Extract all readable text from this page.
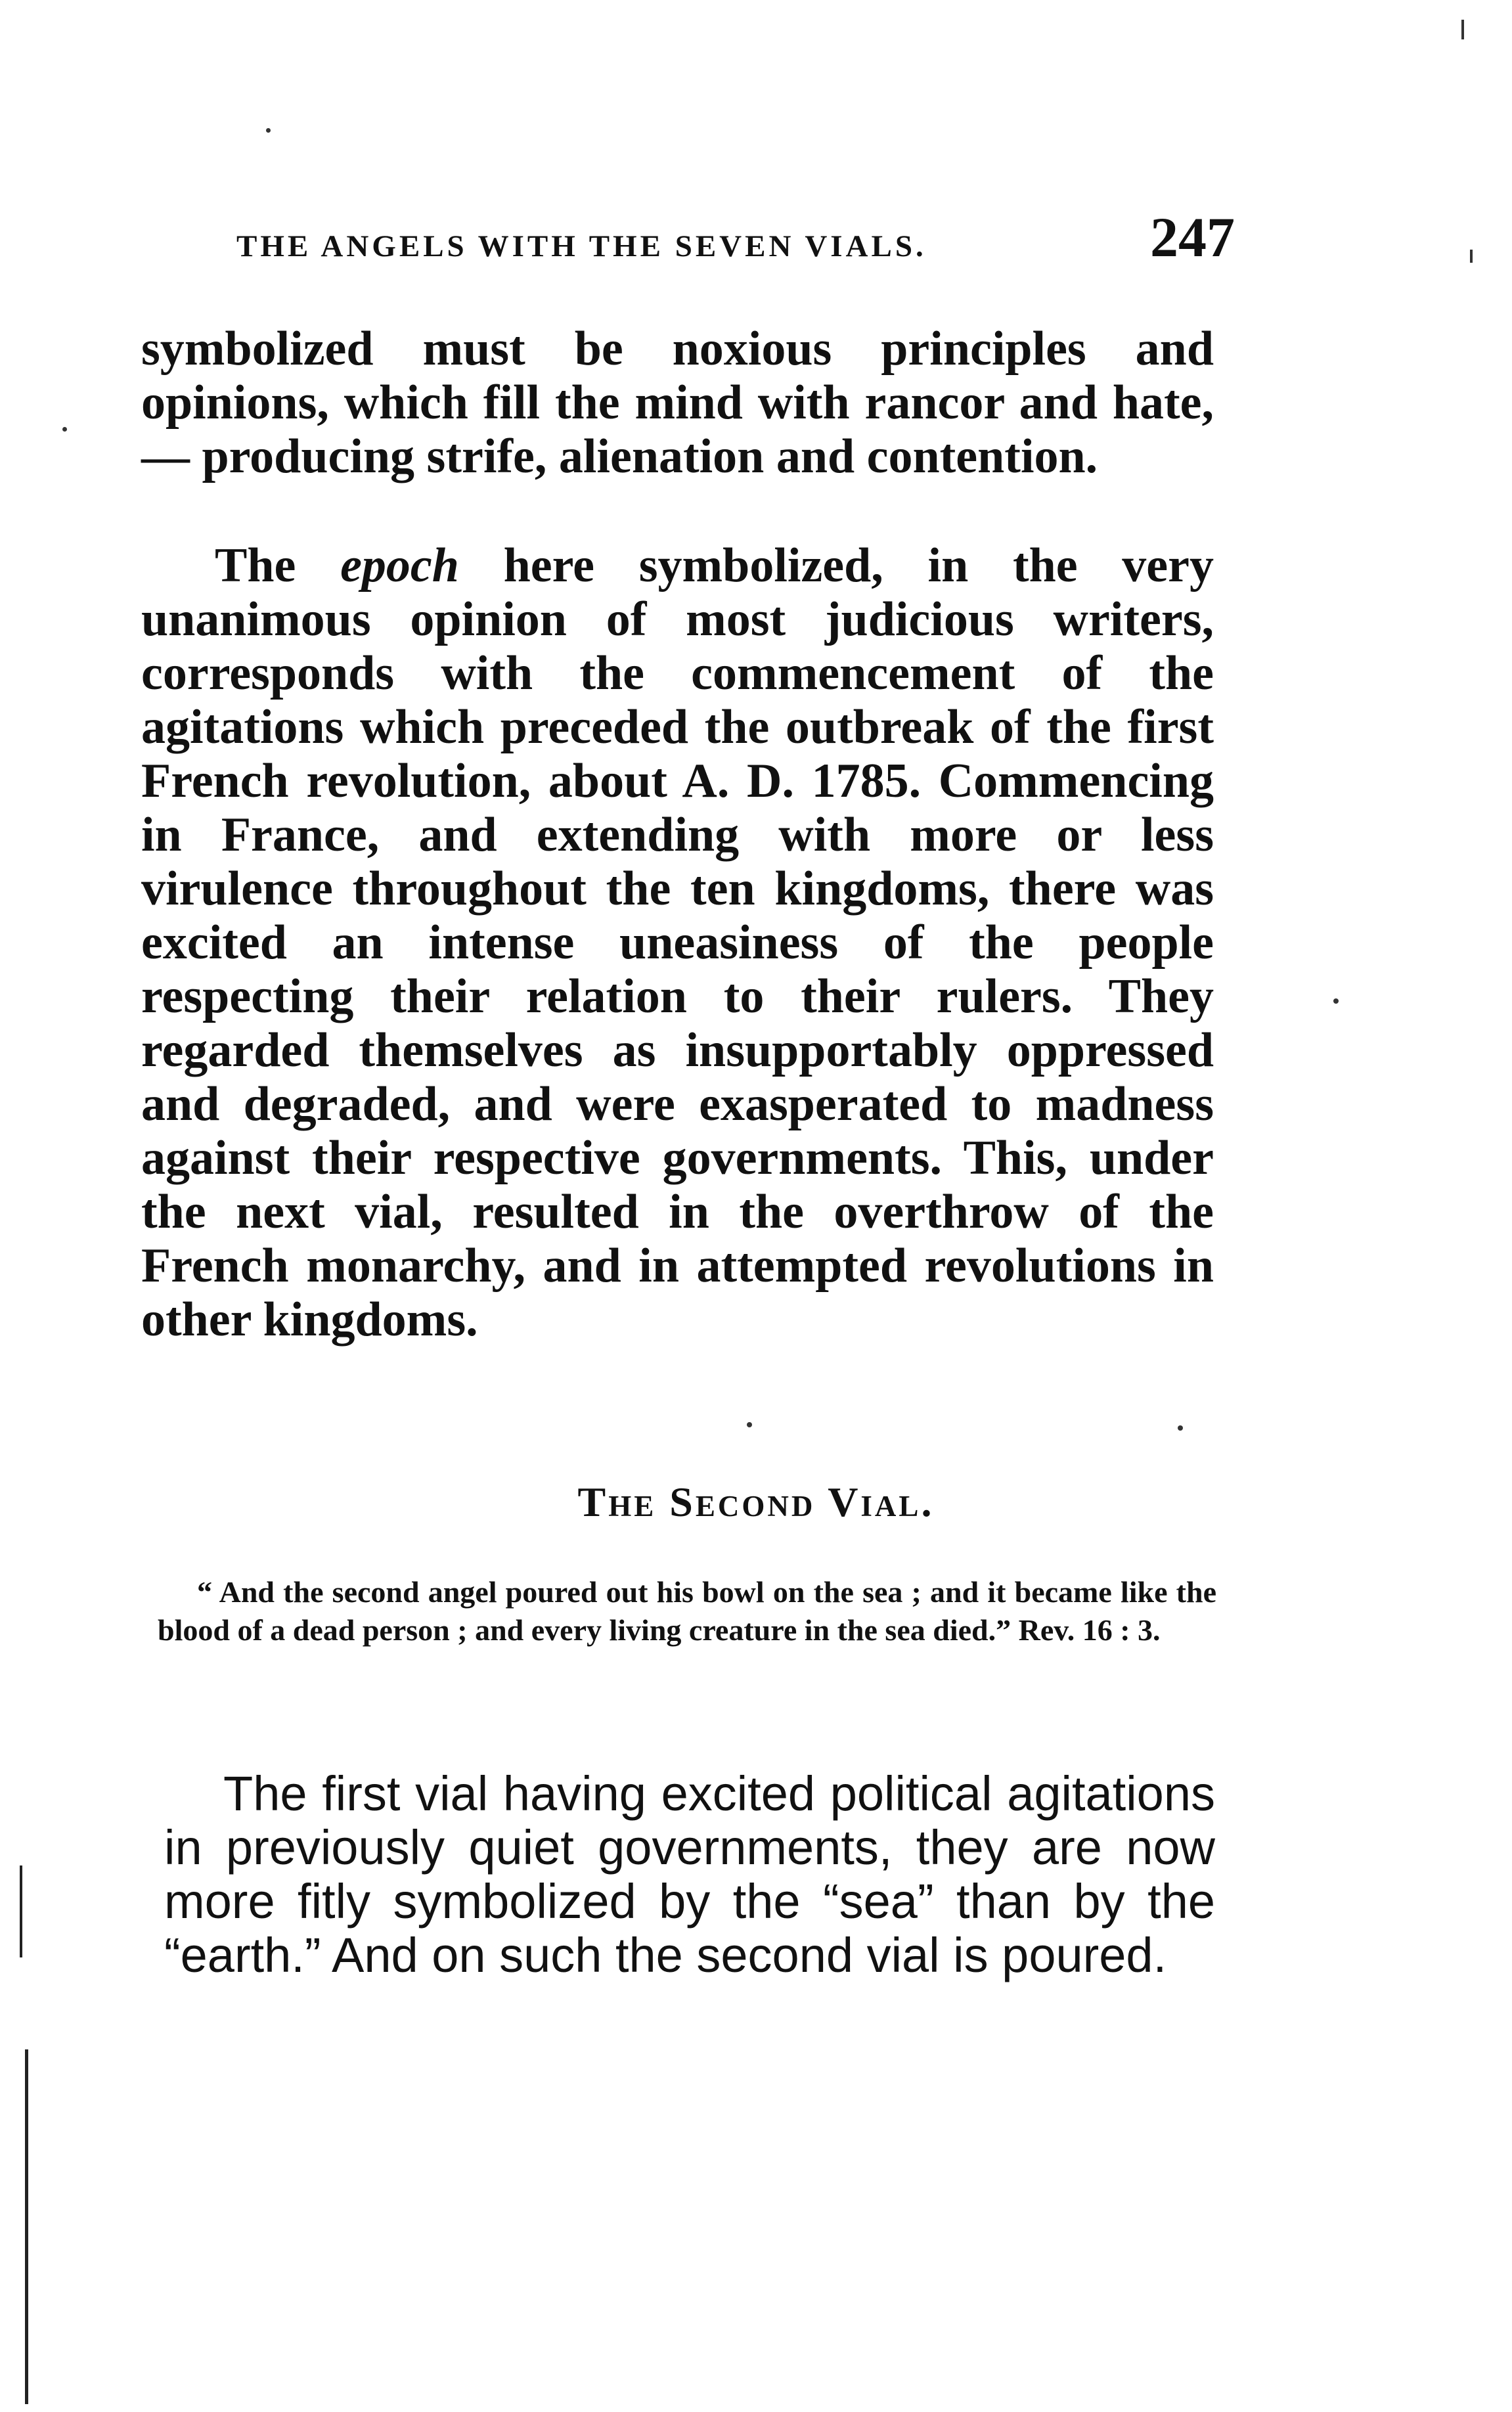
THE ANGELS WITH THE SEVEN VIALS.	247

symbolized must be noxious principles and opinions, which fill the mind with rancor and hate, — producing strife, alienation and contention.

The epoch here symbolized, in the very unanimous opinion of most judicious writers, corresponds with the commencement of the agitations which preceded the outbreak of the first French revolution, about A. D. 1785. Commencing in France, and extending with more or less virulence throughout the ten kingdoms, there was excited an intense uneasiness of the people respecting their relation to their rulers. They regarded themselves as insupportably oppressed and degraded, and were exasperated to madness against their respective governments. This, under the next vial, resulted in the overthrow of the French monarchy, and in attempted revolutions in other kingdoms.

The Second Vial.

“ And the second angel poured out his bowl on the sea ; and it became like the blood of a dead person ; and every living creature in the sea died.” Rev. 16 : 3.

The first vial having excited political agitations in previously quiet governments, they are now more fitly symbolized by the “sea” than by the “earth.” And on such the second vial is poured.
